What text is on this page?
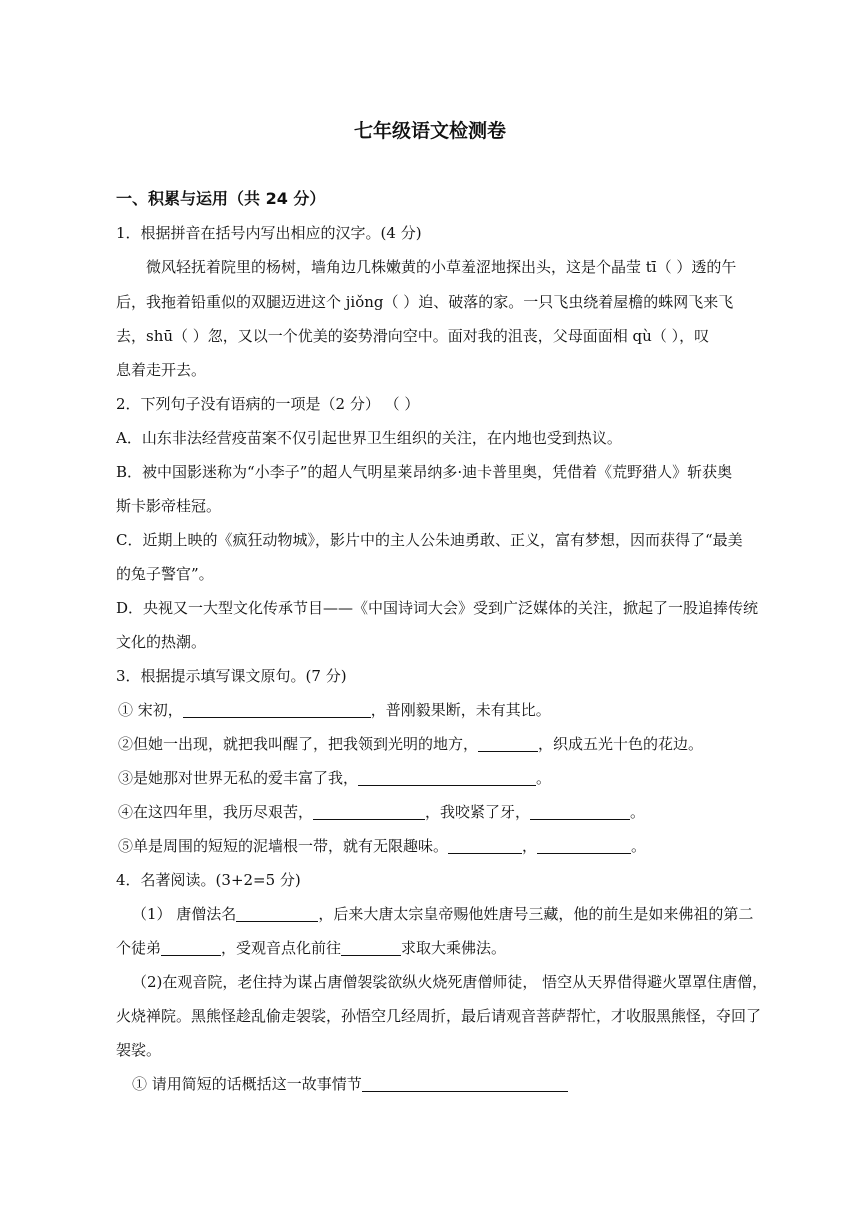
七年级语文检测卷
一、积累与运用（共 24 分）
1．根据拼音在括号内写出相应的汉字。(4 分)
微风轻抚着院里的杨树，墙角边几株嫩黄的小草羞涩地探出头，这是个晶莹 tī（ ）透的午
后，我拖着铅重似的双腿迈进这个 jiǒng（ ）迫、破落的家。一只飞虫绕着屋檐的蛛网飞来飞
去，shū（ ）忽，又以一个优美的姿势滑向空中。面对我的沮丧，父母面面相 qù（ ），叹
息着走开去。
2．下列句子没有语病的一项是（2 分） （ ）
A．山东非法经营疫苗案不仅引起世界卫生组织的关注，在内地也受到热议。
B．被中国影迷称为“小李子”的超人气明星莱昂纳多·迪卡普里奥，凭借着《荒野猎人》斩获奥
斯卡影帝桂冠。
C．近期上映的《疯狂动物城》，影片中的主人公朱迪勇敢、正义，富有梦想，因而获得了“最美
的兔子警官”。
D．央视又一大型文化传承节目——《中国诗词大会》受到广泛媒体的关注，掀起了一股追捧传统
文化的热潮。
3．根据提示填写课文原句。(7 分)
① 宋初，	，普刚毅果断，未有其比。
②但她一出现，就把我叫醒了，把我领到光明的地方，	，织成五光十色的花边。
③是她那对世界无私的爱丰富了我，	。
④在这四年里，我历尽艰苦，	，我咬紧了牙，	。
⑤单是周围的短短的泥墙根一带，就有无限趣味。	，	。
4．名著阅读。(3+2=5 分)
（1） 唐僧法名	，后来大唐太宗皇帝赐他姓唐号三藏，他的前生是如来佛祖的第二
个徒弟	，受观音点化前往	求取大乘佛法。
（2)在观音院，老住持为谋占唐僧袈裟欲纵火烧死唐僧师徒， 悟空从天界借得避火罩罩住唐僧，
火烧禅院。黑熊怪趁乱偷走袈裟，孙悟空几经周折，最后请观音菩萨帮忙，才收服黑熊怪，夺回了
袈裟。
① 请用简短的话概括这一故事情节
